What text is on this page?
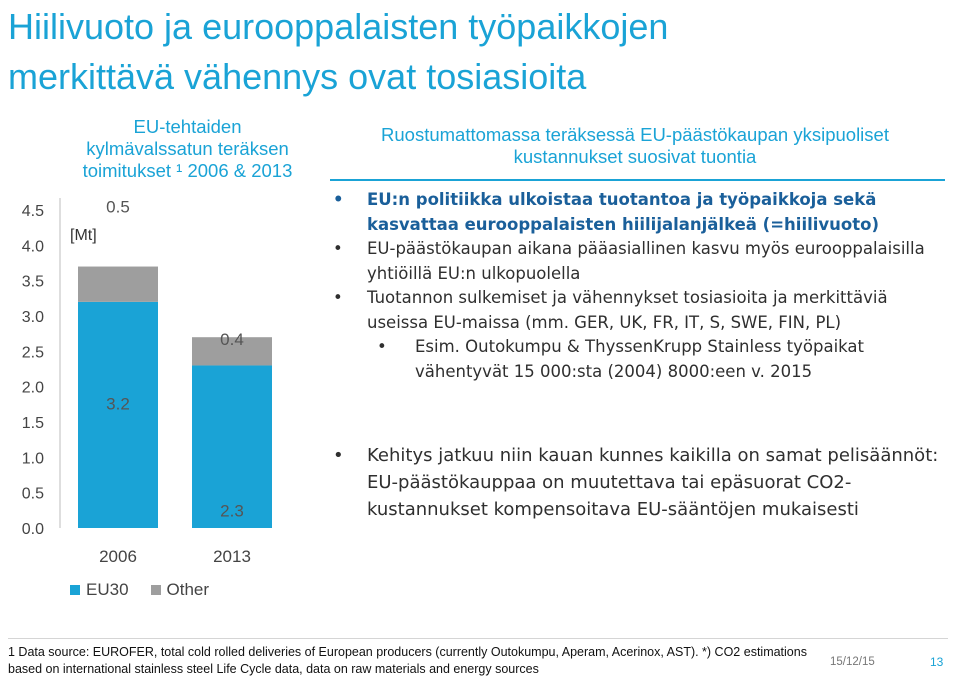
Hiilivuoto ja eurooppalaisten työpaikkojen
merkittävä vähennys ovat tosiasioita
EU-tehtaiden
kylmävalssatun teräksen
toimitukset ¹ 2006 & 2013
0.0
0.5
1.0
1.5
2.0
2.5
3.0
3.5
4.0
4.5
[Mt]
3.2
0.5
2006
2.3
0.4
2013
EU30 Other
Ruostumattomassa teräksessä EU-päästökaupan yksipuoliset
kustannukset suosivat tuontia
•	EU:n politiikka ulkoistaa tuotantoa ja työpaikkoja sekä kasvattaa eurooppalaisten hiilijalanjälkeä (=hiilivuoto)
•	EU-päästökaupan aikana pääasiallinen kasvu myös eurooppalaisilla yhtiöillä EU:n ulkopuolella
•	Tuotannon sulkemiset ja vähennykset tosiasioita ja merkittäviä useissa EU-maissa (mm. GER, UK, FR, IT, S, SWE, FIN, PL)
•	Esim. Outokumpu & ThyssenKrupp Stainless työpaikat vähentyvät 15 000:sta (2004) 8000:een v. 2015
•	Kehitys jatkuu niin kauan kunnes kaikilla on samat pelisäännöt: EU-päästökauppaa on muutettava tai epäsuorat CO2-kustannukset kompensoitava EU-sääntöjen mukaisesti
1 Data source: EUROFER, total cold rolled deliveries of European producers (currently Outokumpu, Aperam, Acerinox, AST). *) CO2 estimations based on international stainless steel Life Cycle data, data on raw materials and energy sources	15/12/15	13
